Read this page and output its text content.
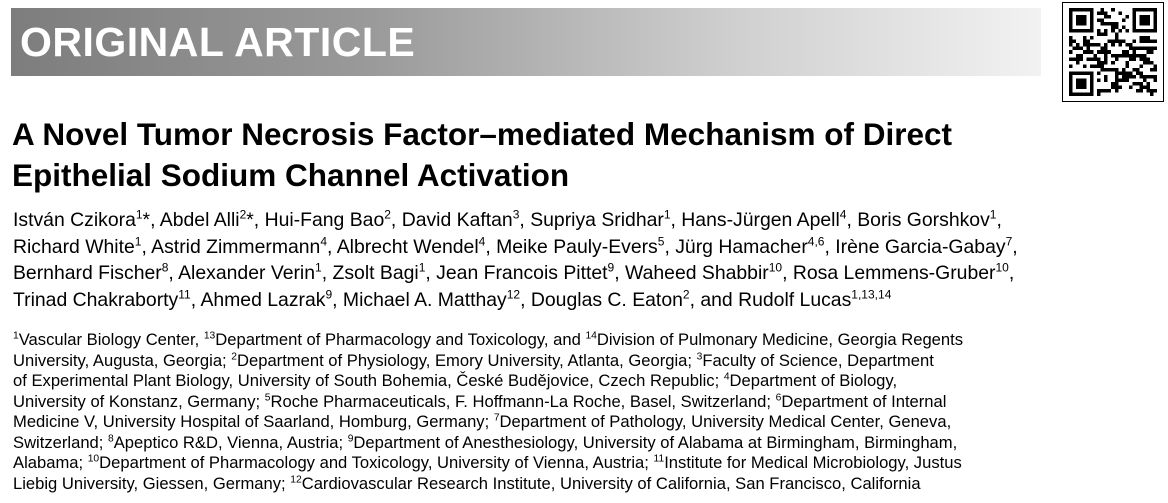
ORIGINAL ARTICLE
A Novel Tumor Necrosis Factor–mediated Mechanism of Direct
Epithelial Sodium Channel Activation
István Czikora$^1$*, Abdel Alli$^2$*, Hui-Fang Bao$^2$, David Kaftan$^3$, Supriya Sridhar$^1$, Hans-Jürgen Apell$^4$, Boris Gorshkov$^1$,
Richard White$^1$, Astrid Zimmermann$^4$, Albrecht Wendel$^4$, Meike Pauly-Evers$^5$, Jürg Hamacher$^{4,6}$, Irène Garcia-Gabay$^7$,
Bernhard Fischer$^8$, Alexander Verin$^1$, Zsolt Bagi$^1$, Jean Francois Pittet$^9$, Waheed Shabbir$^{10}$, Rosa Lemmens-Gruber$^{10}$,
Trinad Chakraborty$^{11}$, Ahmed Lazrak$^9$, Michael A. Matthay$^{12}$, Douglas C. Eaton$^2$, and Rudolf Lucas$^{1,13,14}$
$^1$Vascular Biology Center, $^{13}$Department of Pharmacology and Toxicology, and $^{14}$Division of Pulmonary Medicine, Georgia Regents
University, Augusta, Georgia; $^2$Department of Physiology, Emory University, Atlanta, Georgia; $^3$Faculty of Science, Department
of Experimental Plant Biology, University of South Bohemia, České Budějovice, Czech Republic; $^4$Department of Biology,
University of Konstanz, Germany; $^5$Roche Pharmaceuticals, F. Hoffmann-La Roche, Basel, Switzerland; $^6$Department of Internal
Medicine V, University Hospital of Saarland, Homburg, Germany; $^7$Department of Pathology, University Medical Center, Geneva,
Switzerland; $^8$Apeptico R&D, Vienna, Austria; $^9$Department of Anesthesiology, University of Alabama at Birmingham, Birmingham,
Alabama; $^{10}$Department of Pharmacology and Toxicology, University of Vienna, Austria; $^{11}$Institute for Medical Microbiology, Justus
Liebig University, Giessen, Germany; $^{12}$Cardiovascular Research Institute, University of California, San Francisco, California
